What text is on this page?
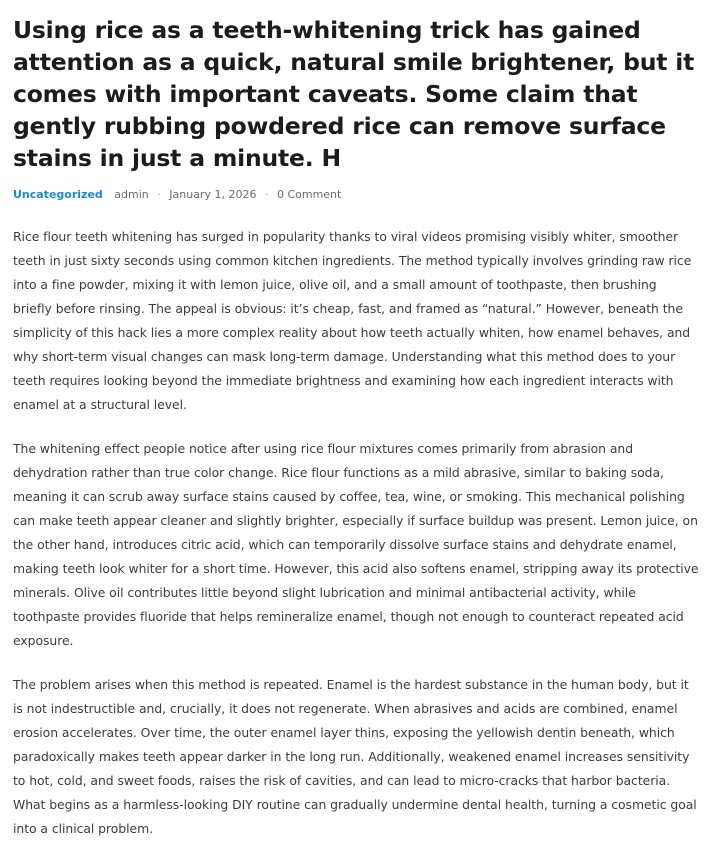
Using rice as a teeth-whitening trick has gained attention as a quick, natural smile brightener, but it comes with important caveats. Some claim that gently rubbing powdered rice can remove surface stains in just a minute. H
Uncategorized admin · January 1, 2026 · 0 Comment

Rice flour teeth whitening has surged in popularity thanks to viral videos promising visibly whiter, smoother teeth in just sixty seconds using common kitchen ingredients. The method typically involves grinding raw rice into a fine powder, mixing it with lemon juice, olive oil, and a small amount of toothpaste, then brushing briefly before rinsing. The appeal is obvious: it’s cheap, fast, and framed as “natural.” However, beneath the simplicity of this hack lies a more complex reality about how teeth actually whiten, how enamel behaves, and why short-term visual changes can mask long-term damage. Understanding what this method does to your teeth requires looking beyond the immediate brightness and examining how each ingredient interacts with enamel at a structural level.

The whitening effect people notice after using rice flour mixtures comes primarily from abrasion and dehydration rather than true color change. Rice flour functions as a mild abrasive, similar to baking soda, meaning it can scrub away surface stains caused by coffee, tea, wine, or smoking. This mechanical polishing can make teeth appear cleaner and slightly brighter, especially if surface buildup was present. Lemon juice, on the other hand, introduces citric acid, which can temporarily dissolve surface stains and dehydrate enamel, making teeth look whiter for a short time. However, this acid also softens enamel, stripping away its protective minerals. Olive oil contributes little beyond slight lubrication and minimal antibacterial activity, while toothpaste provides fluoride that helps remineralize enamel, though not enough to counteract repeated acid exposure.

The problem arises when this method is repeated. Enamel is the hardest substance in the human body, but it is not indestructible and, crucially, it does not regenerate. When abrasives and acids are combined, enamel erosion accelerates. Over time, the outer enamel layer thins, exposing the yellowish dentin beneath, which paradoxically makes teeth appear darker in the long run. Additionally, weakened enamel increases sensitivity to hot, cold, and sweet foods, raises the risk of cavities, and can lead to micro-cracks that harbor bacteria. What begins as a harmless-looking DIY routine can gradually undermine dental health, turning a cosmetic goal into a clinical problem.
